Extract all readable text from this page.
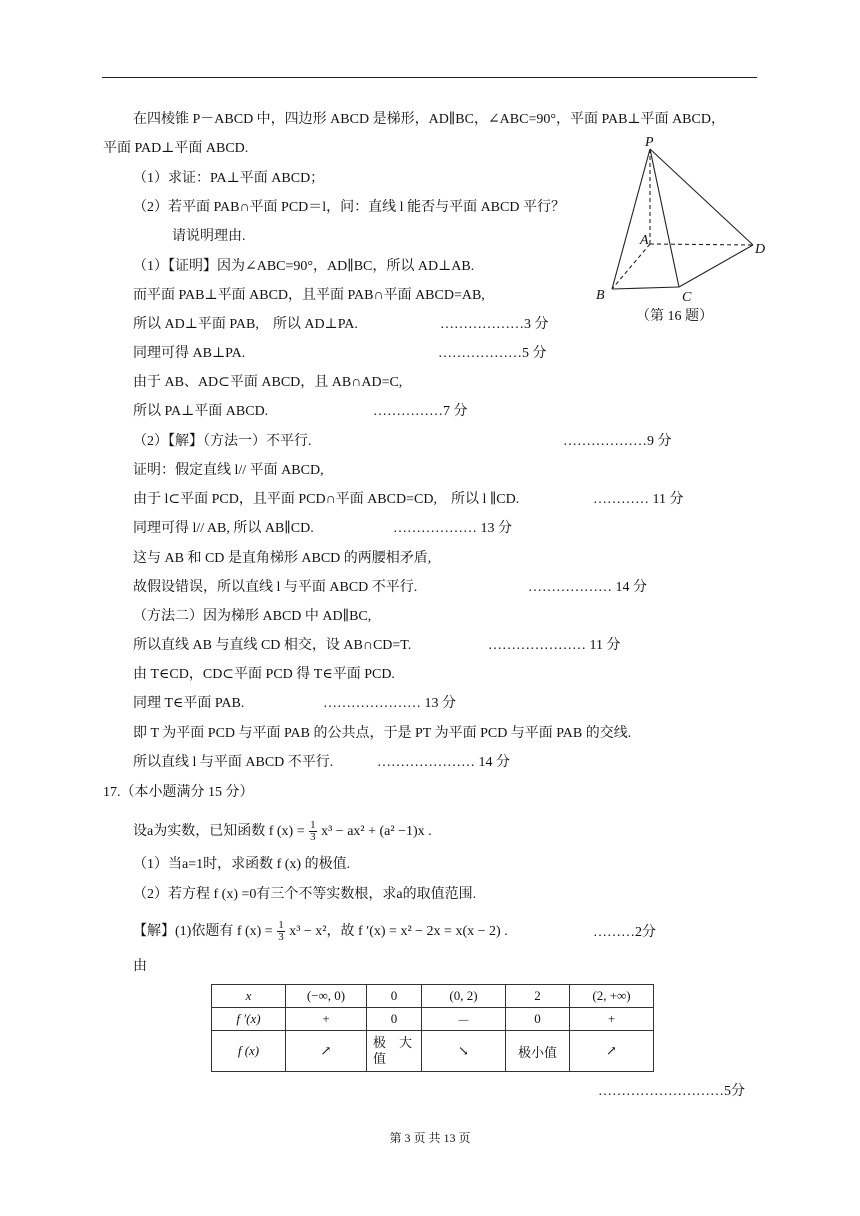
在四棱锥 P－ABCD 中，四边形 ABCD 是梯形，AD∥BC，∠ABC=90°，平面 PAB⊥平面 ABCD，
平面 PAD⊥平面 ABCD.
（1）求证：PA⊥平面 ABCD；
（2）若平面 PAB∩平面 PCD＝l，问：直线 l 能否与平面 ABCD 平行？
请说明理由.
（1）【证明】因为∠ABC=90°，AD∥BC，所以 AD⊥AB.
而平面 PAB⊥平面 ABCD，且平面 PAB∩平面 ABCD=AB,
所以 AD⊥平面 PAB,　所以 AD⊥PA.	………………3 分
同理可得 AB⊥PA.	………………5 分
由于 AB、AD⊂平面 ABCD，且 AB∩AD=C,
所以 PA⊥平面 ABCD.	……………7 分
（2）【解】（方法一）不平行.	………………9 分
证明：假定直线 l// 平面 ABCD,
由于 l⊂平面 PCD，且平面 PCD∩平面 ABCD=CD,　所以 l ∥CD.	………… 11 分
同理可得 l// AB, 所以 AB∥CD.	……………… 13 分
这与 AB 和 CD 是直角梯形 ABCD 的两腰相矛盾,
故假设错误，所以直线 l 与平面 ABCD 不平行.	……………… 14 分
（方法二）因为梯形 ABCD 中 AD∥BC,
所以直线 AB 与直线 CD 相交，设 AB∩CD=T.	………………… 11 分
由 T∈CD，CD⊂平面 PCD 得 T∈平面 PCD.
同理 T∈平面 PAB.	………………… 13 分
即 T 为平面 PCD 与平面 PAB 的公共点，于是 PT 为平面 PCD 与平面 PAB 的交线.
所以直线 l 与平面 ABCD 不平行.	………………… 14 分
P
A
B	C
D
（第 16 题）
17.（本小题满分 15 分）
设a为实数，已知函数 f $(x) = \frac{1}{3} x^3 - ax^2 + (a^2 -1)x$ .
（1）当a=1时，求函数 f (x) 的极值.
（2）若方程 f (x) =0有三个不等实数根，求a的取值范围.
【解】(1)依题有 f $(x) = \frac{1}{3} x^3 - x^2$，故 f ′(x) = x² − 2x = x(x − 2) .	………2分
由
x	(−∞, 0)	0	(0, 2)	2	(2, +∞)
f ′(x)	+	0	－	0	+
f (x)	↗	极　大值	↘	极小值	↗
………………………5分
第 3 页 共 13 页
